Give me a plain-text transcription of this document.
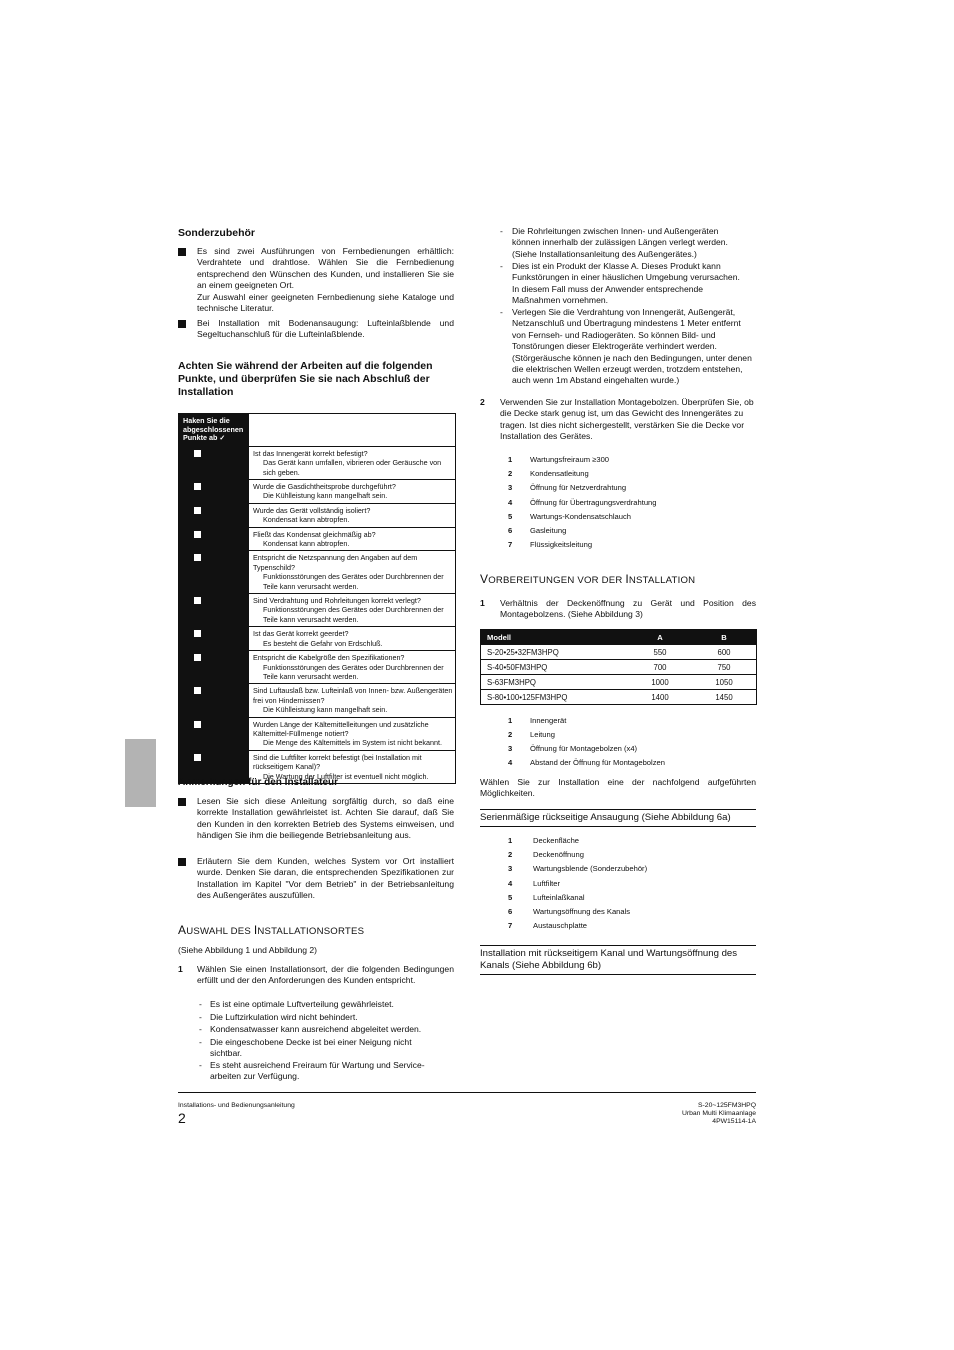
Sonderzubehör
Es sind zwei Ausführungen von Fernbedienungen erhältlich: Verdrahtete und drahtlose. Wählen Sie die Fernbedienung entsprechend den Wünschen des Kunden, und installieren Sie sie an einem geeigneten Ort.
Zur Auswahl einer geeigneten Fernbedienung siehe Kataloge und technische Literatur.
Bei Installation mit Bodenansaugung: Lufteinlaßblende und Segeltuchanschluß für die Lufteinlaßblende.
Achten Sie während der Arbeiten auf die folgenden Punkte, und überprüfen Sie sie nach Abschluß der Installation
Haken Sie die abgeschlossenen Punkte ab ✓	

	Ist das Innengerät korrekt befestigt?
Das Gerät kann umfallen, vibrieren oder Geräusche von sich geben.

	Wurde die Gasdichtheitsprobe durchgeführt?
Die Kühlleistung kann mangelhaft sein.

	Wurde das Gerät vollständig isoliert?
Kondensat kann abtropfen.

	Fließt das Kondensat gleichmäßig ab?
Kondensat kann abtropfen.

	Entspricht die Netzspannung den Angaben auf dem Typenschild?
Funktionsstörungen des Gerätes oder Durchbrennen der Teile kann verursacht werden.

	Sind Verdrahtung und Rohrleitungen korrekt verlegt?
Funktionsstörungen des Gerätes oder Durchbrennen der Teile kann verursacht werden.

	Ist das Gerät korrekt geerdet?
Es besteht die Gefahr von Erdschluß.

	Entspricht die Kabelgröße den Spezifikationen?
Funktionsstörungen des Gerätes oder Durchbrennen der Teile kann verursacht werden.

	Sind Luftauslaß bzw. Lufteinlaß von Innen- bzw. Außengeräten frei von Hindernissen?
Die Kühlleistung kann mangelhaft sein.

	Wurden Länge der Kältemittelleitungen und zusätzliche Kältemittel-Füllmenge notiert?
Die Menge des Kältemittels im System ist nicht bekannt.

	Sind die Luftfilter korrekt befestigt (bei Installation mit rückseitigem Kanal)?
Die Wartung der Luftfilter ist eventuell nicht möglich.
Anmerkungen für den Installateur
Lesen Sie sich diese Anleitung sorgfältig durch, so daß eine korrekte Installation gewährleistet ist. Achten Sie darauf, daß Sie den Kunden in den korrekten Betrieb des Systems einweisen, und händigen Sie ihm die beiliegende Betriebsanleitung aus.
Erläutern Sie dem Kunden, welches System vor Ort installiert wurde. Denken Sie daran, die entsprechenden Spezifikationen zur Installation im Kapitel "Vor dem Betrieb" in der Betriebsanleitung des Außengerätes auszufüllen.
AUSWAHL DES INSTALLATIONSORTES
(Siehe Abbildung 1 und Abbildung 2)
1 Wählen Sie einen Installationsort, der die folgenden Bedingungen erfüllt und der den Anforderungen des Kunden entspricht.
- Es ist eine optimale Luftverteilung gewährleistet.
- Die Luftzirkulation wird nicht behindert.
- Kondensatwasser kann ausreichend abgeleitet werden.
- Die eingeschobene Decke ist bei einer Neigung nicht sichtbar.
- Es steht ausreichend Freiraum für Wartung und Service-arbeiten zur Verfügung.
- Die Rohrleitungen zwischen Innen- und Außengeräten können innerhalb der zulässigen Längen verlegt werden. (Siehe Installationsanleitung des Außengerätes.)
- Dies ist ein Produkt der Klasse A. Dieses Produkt kann Funkstörungen in einer häuslichen Umgebung verursachen. In diesem Fall muss der Anwender entsprechende Maßnahmen vornehmen.
- Verlegen Sie die Verdrahtung von Innengerät, Außengerät, Netzanschluß und Übertragung mindestens 1 Meter entfernt von Fernseh- und Radiogeräten. So können Bild- und Tonstörungen dieser Elektrogeräte verhindert werden. (Störgeräusche können je nach den Bedingungen, unter denen die elektrischen Wellen erzeugt werden, trotzdem entstehen, auch wenn 1m Abstand eingehalten wurde.)
2 Verwenden Sie zur Installation Montagebolzen. Überprüfen Sie, ob die Decke stark genug ist, um das Gewicht des Innengerätes zu tragen. Ist dies nicht sichergestellt, verstärken Sie die Decke vor Installation des Gerätes.
1 Wartungsfreiraum ≥300
2 Kondensatleitung
3 Öffnung für Netzverdrahtung
4 Öffnung für Übertragungsverdrahtung
5 Wartungs-Kondensatschlauch
6 Gasleitung
7 Flüssigkeitsleitung
VORBEREITUNGEN VOR DER INSTALLATION
1 Verhältnis der Deckenöffnung zu Gerät und Position des Montagebolzens. (Siehe Abbildung 3)
Modell	A	B
S-20•25•32FM3HPQ	550	600
S-40•50FM3HPQ	700	750
S-63FM3HPQ	1000	1050
S-80•100•125FM3HPQ	1400	1450
1 Innengerät
2 Leitung
3 Öffnung für Montagebolzen (x4)
4 Abstand der Öffnung für Montagebolzen
Wählen Sie zur Installation eine der nachfolgend aufgeführten Möglichkeiten.
Serienmäßige rückseitige Ansaugung (Siehe Abbildung 6a)
1	Deckenfläche
2	Deckenöffnung
3	Wartungsblende (Sonderzubehör)
4	Luftfilter
5	Lufteinlaßkanal
6	Wartungsöffnung des Kanals
7	Austauschplatte
Installation mit rückseitigem Kanal und Wartungsöffnung des Kanals (Siehe Abbildung 6b)
Installations- und Bedienungsanleitung
2
S-20~125FM3HPQ
Urban Multi Klimaanlage
4PW15114-1A
